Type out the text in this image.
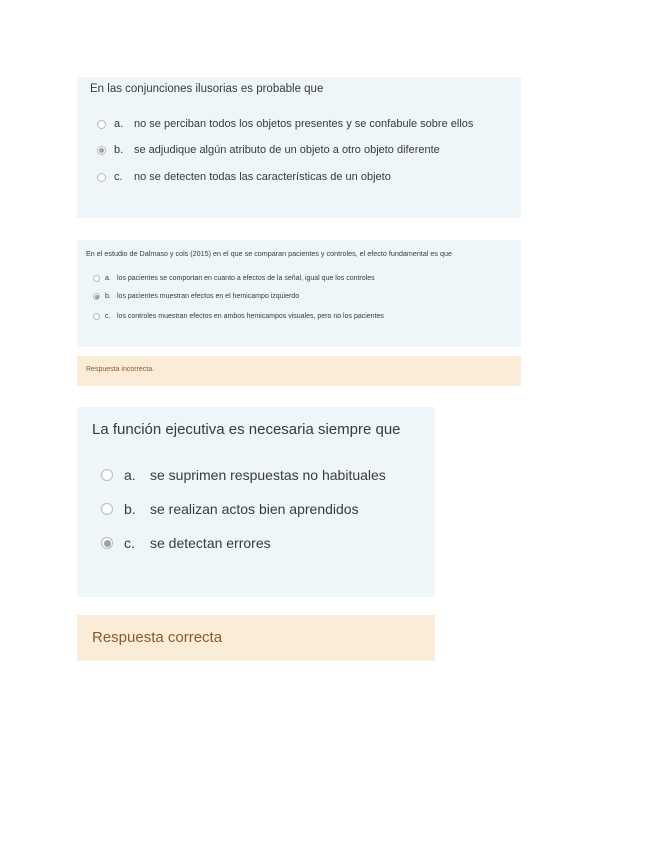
En las conjunciones ilusorias es probable que
a. no se perciban todos los objetos presentes y se confabule sobre ellos
b. se adjudique algún atributo de un objeto a otro objeto diferente
c.	no se detecten todas las características de un objeto
En el estudio de Dalmaso y cols (2015) en el que se comparan pacientes y controles, el efecto fundamental es que
a. los pacientes se comportan en cuanto a efectos de la señal, igual que los controles
b. los pacientes muestran efectos en el hemicampo izquierdo
c. los controles muestran efectos en ambos hemicampos visuales, pero no los pacientes
Respuesta incorrecta.
La función ejecutiva es necesaria siempre que
a.	se suprimen respuestas no habituales
b.	se realizan actos bien aprendidos
c.	se detectan errores
Respuesta correcta
